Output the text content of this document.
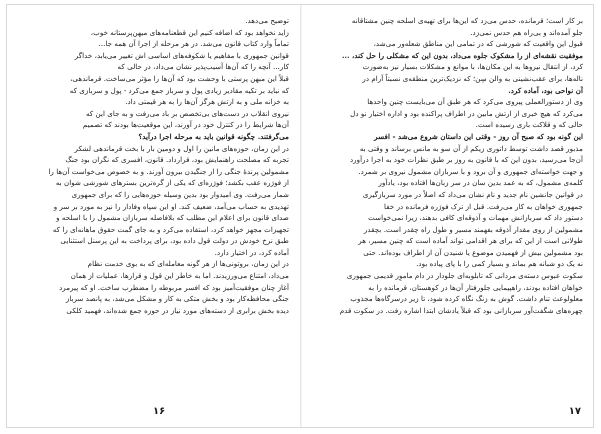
توضیح می‌دهد.

زاید نخواهد بود که اضافه کنیم این قطعنامه‌های میهن‌پرستانه خوب،

تماماً وارد کتاب قانون می‌شد. در هر مرحله از اجرا آن همه جا...

قوانین جمهوری با مفاهیم یا شکوفه‌های اساسی اش تغییر می‌یابد، خداگر

کار... آنچه را که آن‌ها آسیب‌پذیر نشان می‌داد، در حالی که

قبلاً این مبهن پرستی با وحشت بود که آن‌ها را مؤثر می‌ساخت. قرماندهی،

که نباید بر تکیه مقادیر زیادی پول و سرباز جمع می‌کرد - پول و سربازی که

به خزانه ملی و به ارتش هرگز آن‌ها را به هر قیمتی داد.

نیروی انقلاب در دست‌های بی‌تخصص بر باد می‌رفت و به جای این که

آن‌ها شرایط را در کنترل خود در آورند، این موقعیت‌ها بودند که تصمیم

می‌گرفتند. چگونه قوانین باید به مرحله اجرا درآید؟

در این زمان، حوزه‌های مانین را اول و دومین بار با بخت قرماندهی لشکر

تجربه که مصلحت راهنمایش بود، قرارداد. قانون، افسری که نگران بود جنگ

مشمولین پرندهٔ جنگی را از جنگیدن بیرون آورند. و به خصوص می‌خواست آن‌ها را

از فوژره عقب بکشد؛ فوژره‌ای که یکی از گره‌ترین بسترهای شورشی شوان به

شمار می‌رفت. وی امیدوار بود بدین وسیله حوزه‌هایی را که برای جمهوری

تهدیدی به حساب می‌آمد، ضعیف کند. او این سپاه وفادار را نیز به مورد بر سر و

صدای قانون برای اعلام این مطلب که بلافاصله سربازان مشمول را با اسلحه و

تجهیزات مجهز خواهد کرد، استفاده می‌کرد و به جای گمت حقوق ماهانه‌ای را که

طبق نرخ خودش در دولت قول داده بود، برای پرداخت به این پرسنل استثنایی

آماده کرد، در اختیار دارد.

در این زمان، بروتونی‌ها از هر گونه معامله‌ای که به بوی خدمت نظام

می‌داد، امتناع می‌ورزیدند. اما به خاطر این قول و قرارها، عملیات از همان

آغاز چنان موفقیت‌آمیز بود که افسر مربوطه را مضطرب ساخت. او که پیرمرد

جنگی محافظه‌کار بود و بخش متکی به کار و مشکل می‌شد، به پانصد سرباز

دیده بخش برابری از دسته‌های مورد نیاز در حوزه جمع شده‌اند، فهمید کلکی

۱۶

بر کار است؛ قرمانده، حدس می‌زد که این‌ها برای تهیه‌ی اسلحه چنین مشتاقانه

جلو آمده‌اند و بی‌راه هم حدس نمی‌زد.

قبول این واقعیت که شورشی که در تمامی این مناطق شعله‌ور می‌شد،

موفقیت نقشه‌ای از را مشکوک جلوه می‌داد، بدون این که مشکلی را حل کند، ...

کرد، از انتقال نیروها به این مکان‌ها، با موانع و مشکلات بسیار نیز به‌صورت

ناله‌ها، برای عقب‌نشینی به والن سِن؛ که نزدیک‌ترین منطقه‌ی نسبتاً آرام در

آن نواحی بود، آماده کرد.

وی از دستورالعملی پیروی می‌کرد که هر طبق آن می‌بایست چنین واحدها

می‌کرد که هیچ خبری از ارتش مابین در اطراف پراکنده بود و اداره اختیار نو دل

حالی که و قلاکت باری رسیده است.

این گونه بود که صبح آن روز - وقتی این داستان شروع می‌شد - افسر

مذبور قصد داشت توسط داتوری زیکم از آن سو به مانس برساند و وقتی به

آن‌جا می‌رسید، بدون این که با قانون به روز بر طبق نظرات خود به اجرا درآورد

و جهت خواسته‌ای جمهوری و آن برود و با سربازان مشمول نیروی بر شمرد.

کلمه‌ی مشمول، که به عمد بدین سان در سر زبان‌ها افتاده بود، یادآور

در قوانین جانشین نام جدید و نام نشان می‌داد که اصلاً در مورد سربازگیری

جمهوری خواهان به کار می‌رفت. قبل از ترک فوژره فرمانده در خفا

دستور داد که سربازانش مهمات و آذوقه‌ای کافی بدهند، زیرا نمی‌خواست

مشمولین از روی مقدار آذوقه بفهمند مسیر و طول راه چقدر است. بچقدر

طولانی است از این که برای هر اقدامی تواند آماده است که چنین مسیر، هر

بود مشمولین بیش از فهمیدن موضوع یا شنیدن آن از اطراف بوده‌اند. حتی

نه یک دو شبانه هم بماند و بسیار کمی را با پای پیاده بود.

سکوت عبوس دسته‌ی مردانی که تابلوبه‌ای جلودار در دام ماموِر قدیمی جمهوری

خواهان افتاده بودند، راهپیمایی جلورفتار آن‌ها در کوهستان، قرمانده را به

معلولوعث تنام داشت. گوش به زنگ نگاه کرده شود، تا زیر درسرگاه‌ها مجذوب

چهره‌های شگفت‌آور سربازانی بود که قبلاً یادشان ابتدا اشاره رفت. در سکوت قدم

۱۷
